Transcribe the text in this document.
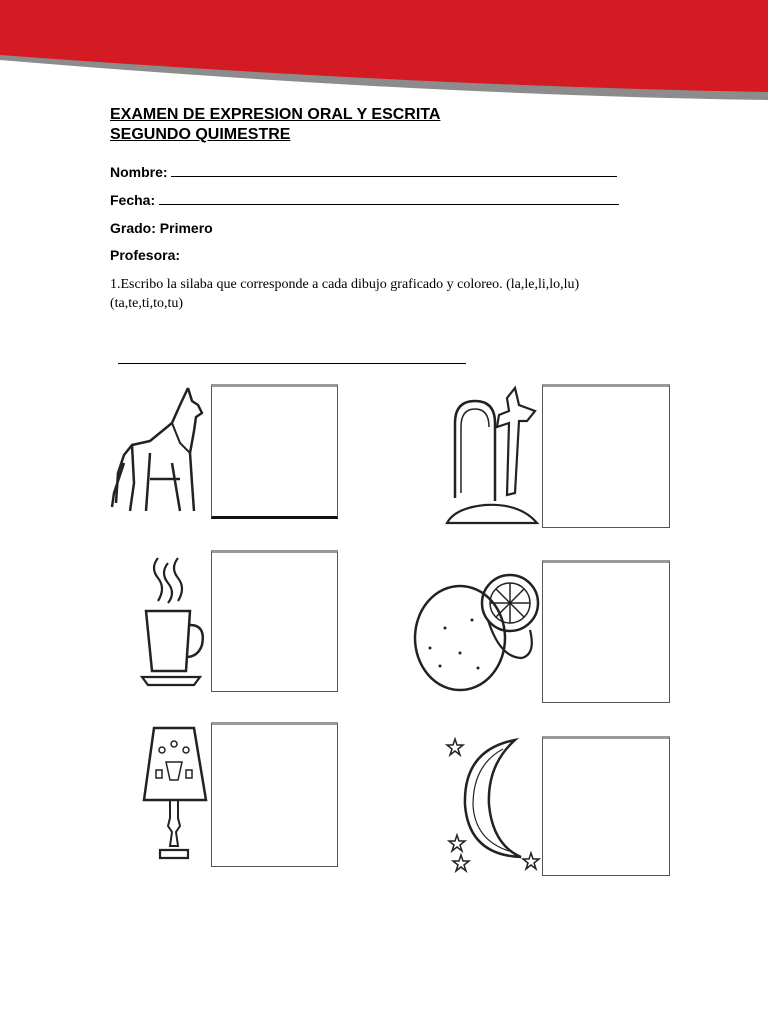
EXAMEN DE EXPRESION ORAL Y ESCRITA
SEGUNDO QUIMESTRE
Nombre:
Fecha:
Grado: Primero
Profesora:
1.Escribo la silaba que corresponde a cada dibujo graficado y coloreo. (la,le,li,lo,lu)
(ta,te,ti,to,tu)
